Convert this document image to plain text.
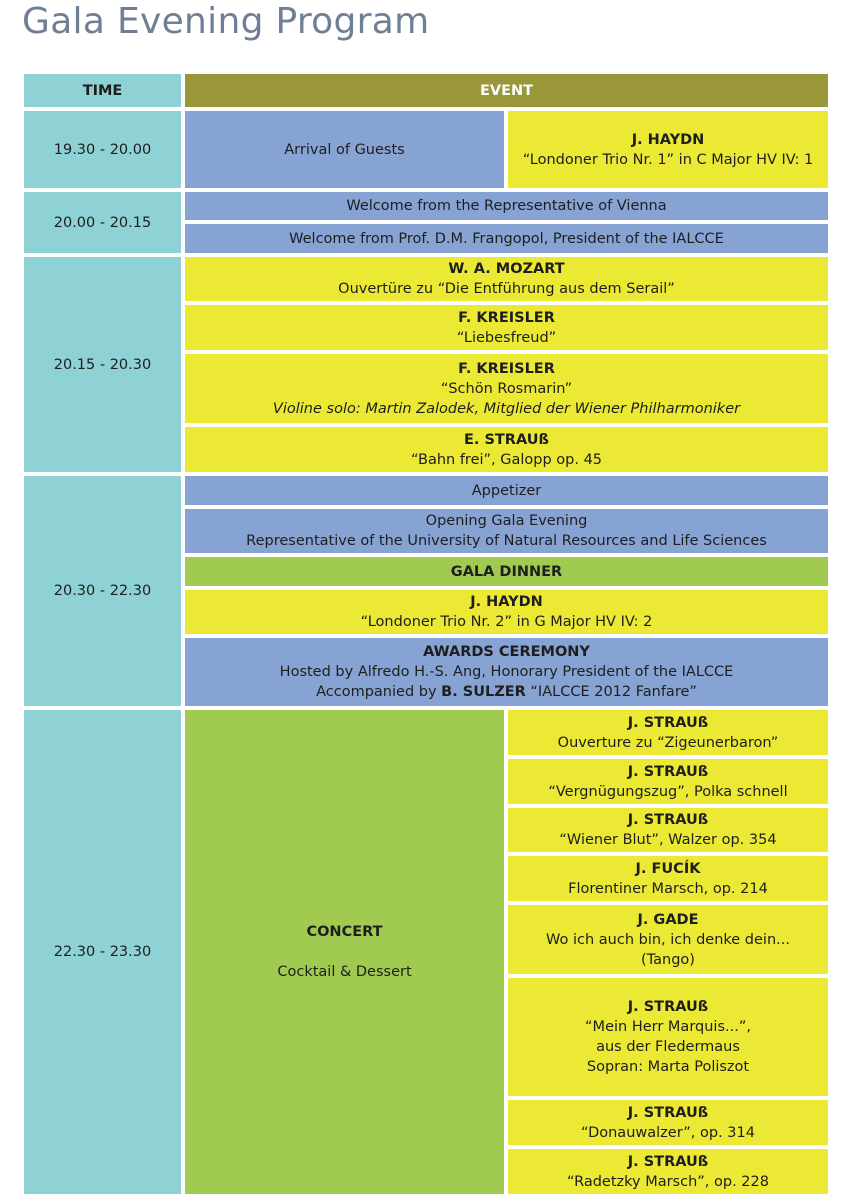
Gala Evening Program
TIME	EVENT
19.30 - 20.00
20.00 - 20.15
20.15 - 20.30
20.30 - 22.30
22.30 - 23.30
Arrival of Guests
J. HAYDN
“Londoner Trio Nr. 1” in C Major HV IV: 1
Welcome from the Representative of Vienna
Welcome from Prof. D.M. Frangopol, President of the IALCCE
W. A. MOZART
Ouvertüre zu “Die Entführung aus dem Serail”
F. KREISLER
“Liebesfreud”
F. KREISLER
“Schön Rosmarin”
Violine solo: Martin Zalodek, Mitglied der Wiener Philharmoniker
E. STRAUß
“Bahn frei”, Galopp op. 45
Appetizer
Opening Gala Evening
Representative of the University of Natural Resources and Life Sciences
GALA DINNER
J. HAYDN
“Londoner Trio Nr. 2” in G Major HV IV: 2
AWARDS CEREMONY
Hosted by Alfredo H.-S. Ang, Honorary President of the IALCCE
Accompanied by B. SULZER “IALCCE 2012 Fanfare”
CONCERT
Cocktail & Dessert
J. STRAUß
Ouverture zu “Zigeunerbaron”
J. STRAUß
“Vergnügungszug”, Polka schnell
J. STRAUß
“Wiener Blut”, Walzer op. 354
J. FUCÍK
Florentiner Marsch, op. 214
J. GADE
Wo ich auch bin, ich denke dein...
(Tango)
J. STRAUß
“Mein Herr Marquis...”,
aus der Fledermaus
Sopran: Marta Poliszot
J. STRAUß
“Donauwalzer”, op. 314
J. STRAUß
“Radetzky Marsch”, op. 228
